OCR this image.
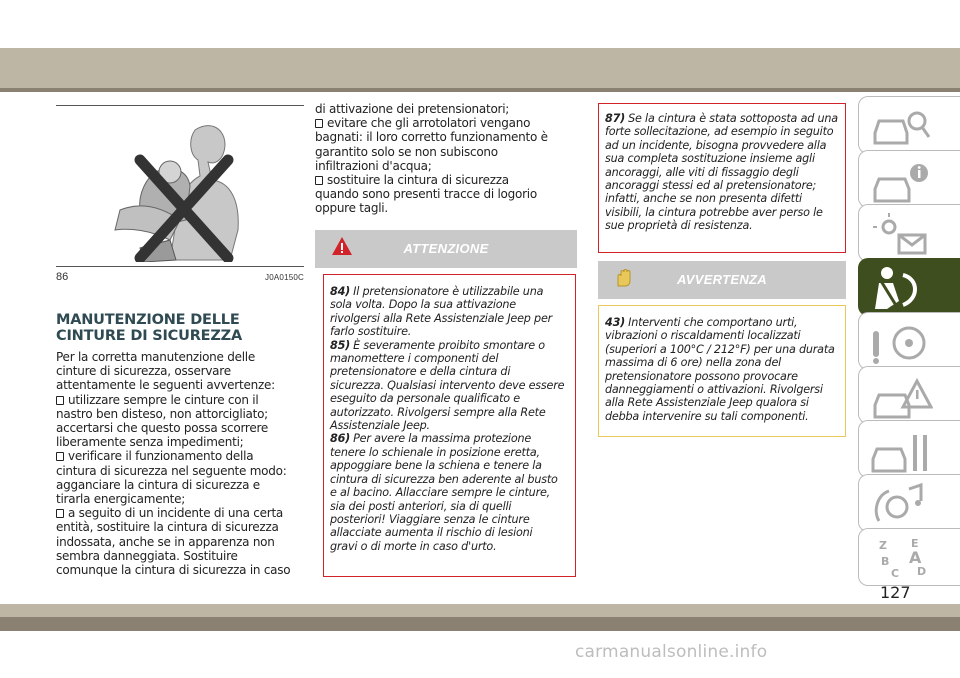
86	J0A0150C
MANUTENZIONE DELLE
CINTURE DI SICUREZZA
Per la corretta manutenzione delle
cinture di sicurezza, osservare
attentamente le seguenti avvertenze:
utilizzare sempre le cinture con il
nastro ben disteso, non attorcigliato;
accertarsi che questo possa scorrere
liberamente senza impedimenti;
verificare il funzionamento della
cintura di sicurezza nel seguente modo:
agganciare la cintura di sicurezza e
tirarla energicamente;
a seguito di un incidente di una certa
entità, sostituire la cintura di sicurezza
indossata, anche se in apparenza non
sembra danneggiata. Sostituire
comunque la cintura di sicurezza in caso
di attivazione dei pretensionatori;
evitare che gli arrotolatori vengano
bagnati: il loro corretto funzionamento è
garantito solo se non subiscono
infiltrazioni d'acqua;
sostituire la cintura di sicurezza
quando sono presenti tracce di logorio
oppure tagli.
ATTENZIONE
84) Il pretensionatore è utilizzabile una
sola volta. Dopo la sua attivazione
rivolgersi alla Rete Assistenziale Jeep per
farlo sostituire.
85) È severamente proibito smontare o
manomettere i componenti del
pretensionatore e della cintura di
sicurezza. Qualsiasi intervento deve essere
eseguito da personale qualificato e
autorizzato. Rivolgersi sempre alla Rete
Assistenziale Jeep.
86) Per avere la massima protezione
tenere lo schienale in posizione eretta,
appoggiare bene la schiena e tenere la
cintura di sicurezza ben aderente al busto
e al bacino. Allacciare sempre le cinture,
sia dei posti anteriori, sia di quelli
posteriori! Viaggiare senza le cinture
allacciate aumenta il rischio di lesioni
gravi o di morte in caso d'urto.
87) Se la cintura è stata sottoposta ad una
forte sollecitazione, ad esempio in seguito
ad un incidente, bisogna provvedere alla
sua completa sostituzione insieme agli
ancoraggi, alle viti di fissaggio degli
ancoraggi stessi ed al pretensionatore;
infatti, anche se non presenta difetti
visibili, la cintura potrebbe aver perso le
sue proprietà di resistenza.
AVVERTENZA
43) Interventi che comportano urti,
vibrazioni o riscaldamenti localizzati
(superiori a 100°C / 212°F) per una durata
massima di 6 ore) nella zona del
pretensionatore possono provocare
danneggiamenti o attivazioni. Rivolgersi
alla Rete Assistenziale Jeep qualora si
debba intervenire su tali componenti.
Z E
B A
C D
127
carmanualsonline.info
